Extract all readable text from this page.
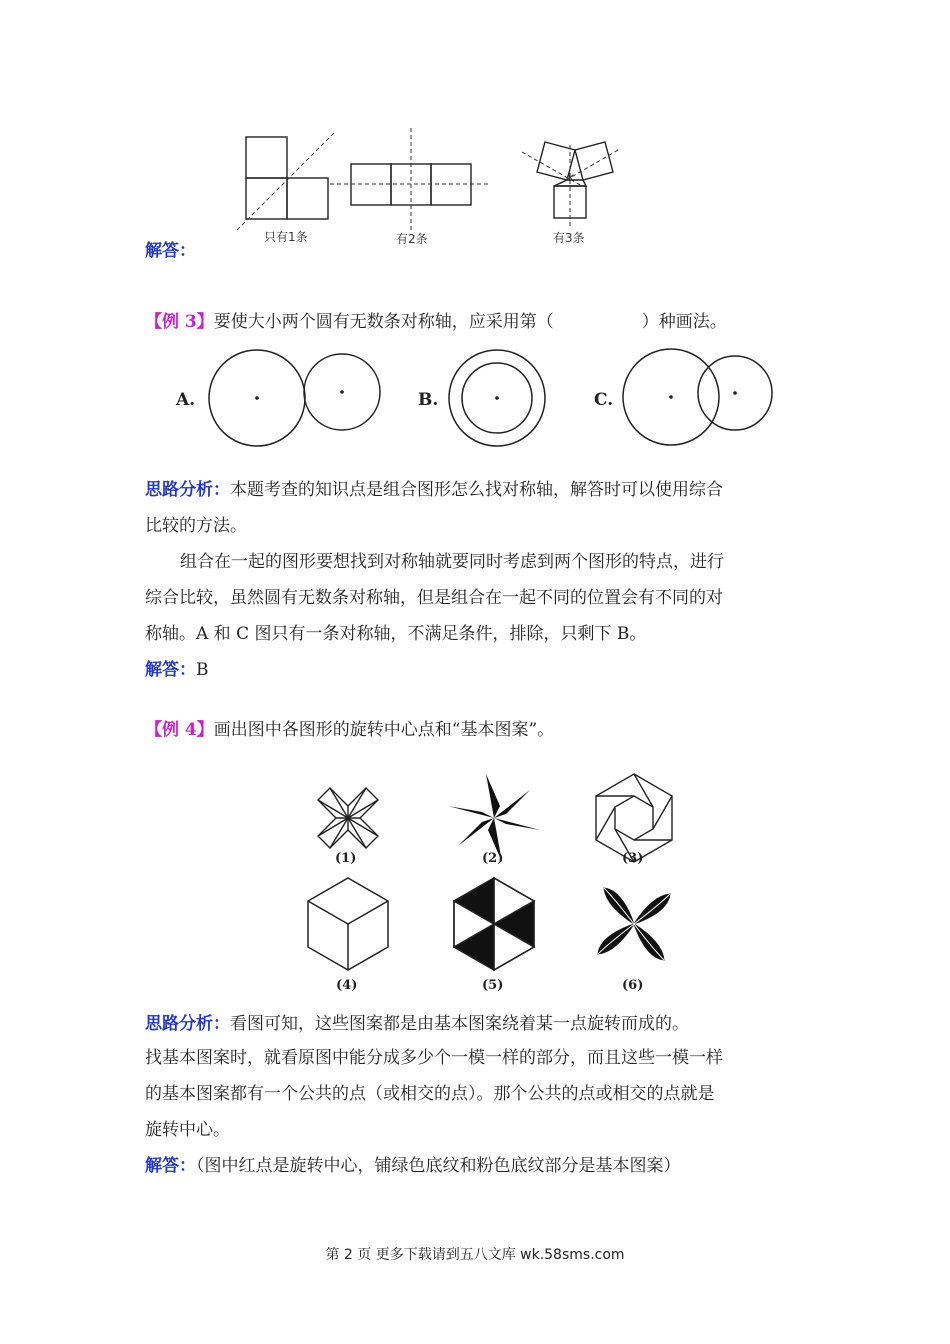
K
只有1条	有2条	有3条
解答：
【例 3】要使大小两个圆有无数条对称轴，应采用第（	）种画法。
A.	B.	C.
思路分析：本题考查的知识点是组合图形怎么找对称轴，解答时可以使用综合
比较的方法。
组合在一起的图形要想找到对称轴就要同时考虑到两个图形的特点，进行
综合比较，虽然圆有无数条对称轴，但是组合在一起不同的位置会有不同的对
称轴。A 和 C 图只有一条对称轴，不满足条件，排除，只剩下 B。
解答：B
【例 4】画出图中各图形的旋转中心点和“基本图案”。
(1)	(2)	(3)
(4)	(5)	(6)
思路分析：看图可知，这些图案都是由基本图案绕着某一点旋转而成的。
找基本图案时，就看原图中能分成多少个一模一样的部分，而且这些一模一样
的基本图案都有一个公共的点（或相交的点）。那个公共的点或相交的点就是
旋转中心。
解答：（图中红点是旋转中心，铺绿色底纹和粉色底纹部分是基本图案）
第 2 页 更多下载请到五八文库 wk.58sms.com
